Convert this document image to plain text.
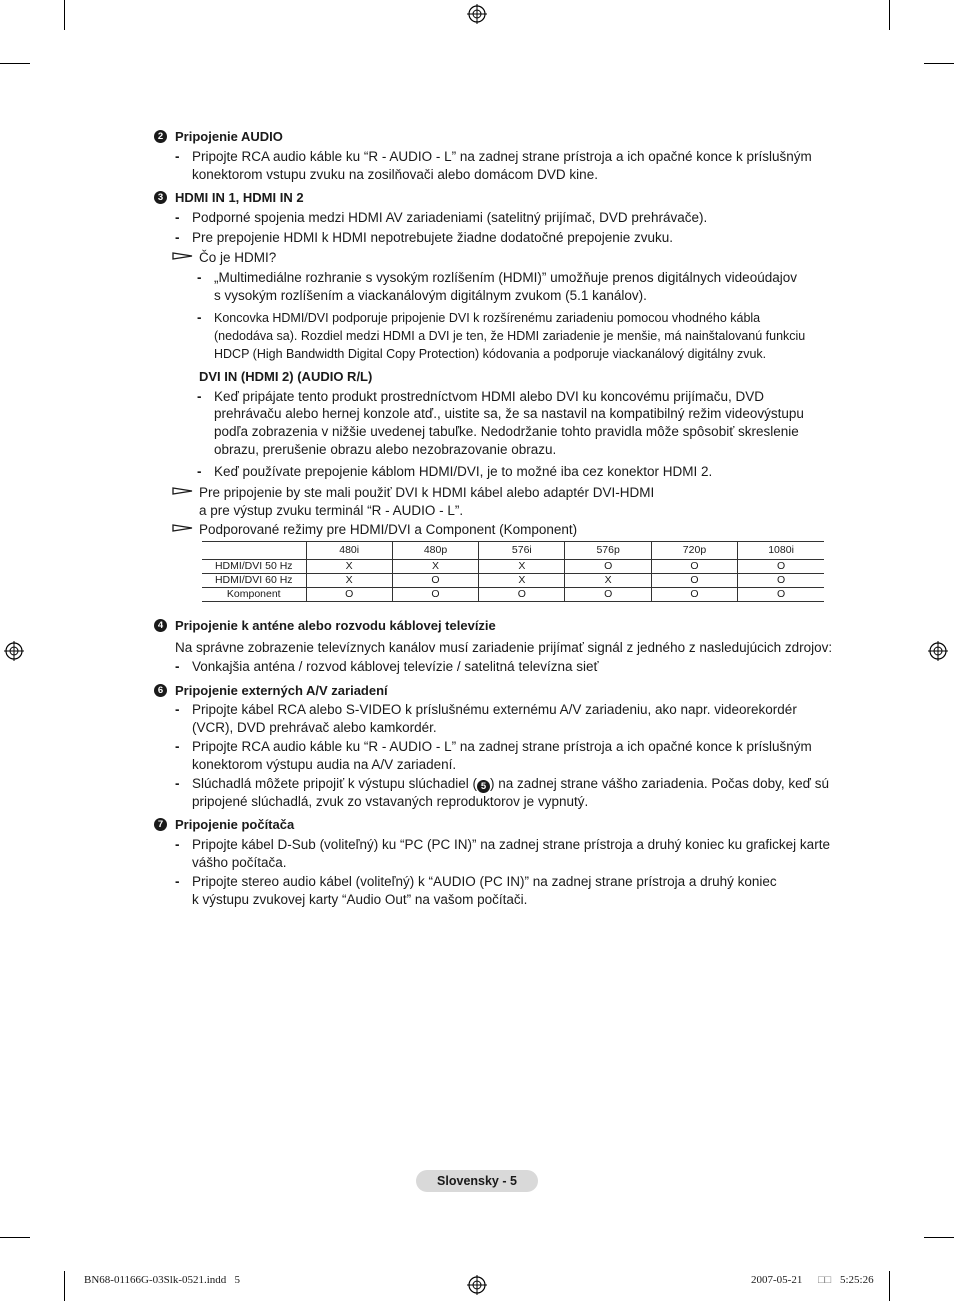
2 Pripojenie AUDIO
- Pripojte RCA audio káble ku “R - AUDIO - L” na zadnej strane prístroja a ich opačné konce k príslušným
konektorom vstupu zvuku na zosilňovači alebo domácom DVD kine.
3 HDMI IN 1, HDMI IN 2
- Podporné spojenia medzi HDMI AV zariadeniami (satelitný prijímač, DVD prehrávače).
- Pre prepojenie HDMI k HDMI nepotrebujete žiadne dodatočné prepojenie zvuku.
Čo je HDMI?
- „Multimediálne rozhranie s vysokým rozlíšením (HDMI)” umožňuje prenos digitálnych videoúdajov
s vysokým rozlíšením a viackanálovým digitálnym zvukom (5.1 kanálov).
- Koncovka HDMI/DVI podporuje pripojenie DVI k rozšírenému zariadeniu pomocou vhodného kábla
(nedodáva sa). Rozdiel medzi HDMI a DVI je ten, že HDMI zariadenie je menšie, má nainštalovanú funkciu
HDCP (High Bandwidth Digital Copy Protection) kódovania a podporuje viackanálový digitálny zvuk.
DVI IN (HDMI 2) (AUDIO R/L)
- Keď pripájate tento produkt prostredníctvom HDMI alebo DVI ku koncovému prijímaču, DVD
prehrávaču alebo hernej konzole atď., uistite sa, že sa nastavil na kompatibilný režim videovýstupu
podľa zobrazenia v nižšie uvedenej tabuľke. Nedodržanie tohto pravidla môže spôsobiť skreslenie
obrazu, prerušenie obrazu alebo nezobrazovanie obrazu.
- Keď používate prepojenie káblom HDMI/DVI, je to možné iba cez konektor HDMI 2.
Pre pripojenie by ste mali použiť DVI k HDMI kábel alebo adaptér DVI-HDMI
a pre výstup zvuku terminál “R - AUDIO - L”.
Podporované režimy pre HDMI/DVI a Component (Komponent)
	480i	480p	576i	576p	720p	1080i
HDMI/DVI 50 Hz	X	X	X	O	O	O
HDMI/DVI 60 Hz	X	O	X	X	O	O
Komponent	O	O	O	O	O	O
4 Pripojenie k anténe alebo rozvodu káblovej televízie
Na správne zobrazenie televíznych kanálov musí zariadenie prijímať signál z jedného z nasledujúcich zdrojov:
- Vonkajšia anténa / rozvod káblovej televízie / satelitná televízna sieť
6 Pripojenie externých A/V zariadení
- Pripojte kábel RCA alebo S-VIDEO k príslušnému externému A/V zariadeniu, ako napr. videorekordér
(VCR), DVD prehrávač alebo kamkordér.
- Pripojte RCA audio káble ku “R - AUDIO - L” na zadnej strane prístroja a ich opačné konce k príslušným
konektorom výstupu audia na A/V zariadení.
- Slúchadlá môžete pripojiť k výstupu slúchadiel ( 5 ) na zadnej strane vášho zariadenia. Počas doby, keď sú
pripojené slúchadlá, zvuk zo vstavaných reproduktorov je vypnutý.
7 Pripojenie počítača
- Pripojte kábel D-Sub (voliteľný) ku “PC (PC IN)” na zadnej strane prístroja a druhý koniec ku grafickej karte
vášho počítača.
- Pripojte stereo audio kábel (voliteľný) k “AUDIO (PC IN)” na zadnej strane prístroja a druhý koniec
k výstupu zvukovej karty “Audio Out” na vašom počítači.
Slovensky - 5
BN68-01166G-03Slk-0521.indd   5	2007-05-21 □□ 5:25:26
